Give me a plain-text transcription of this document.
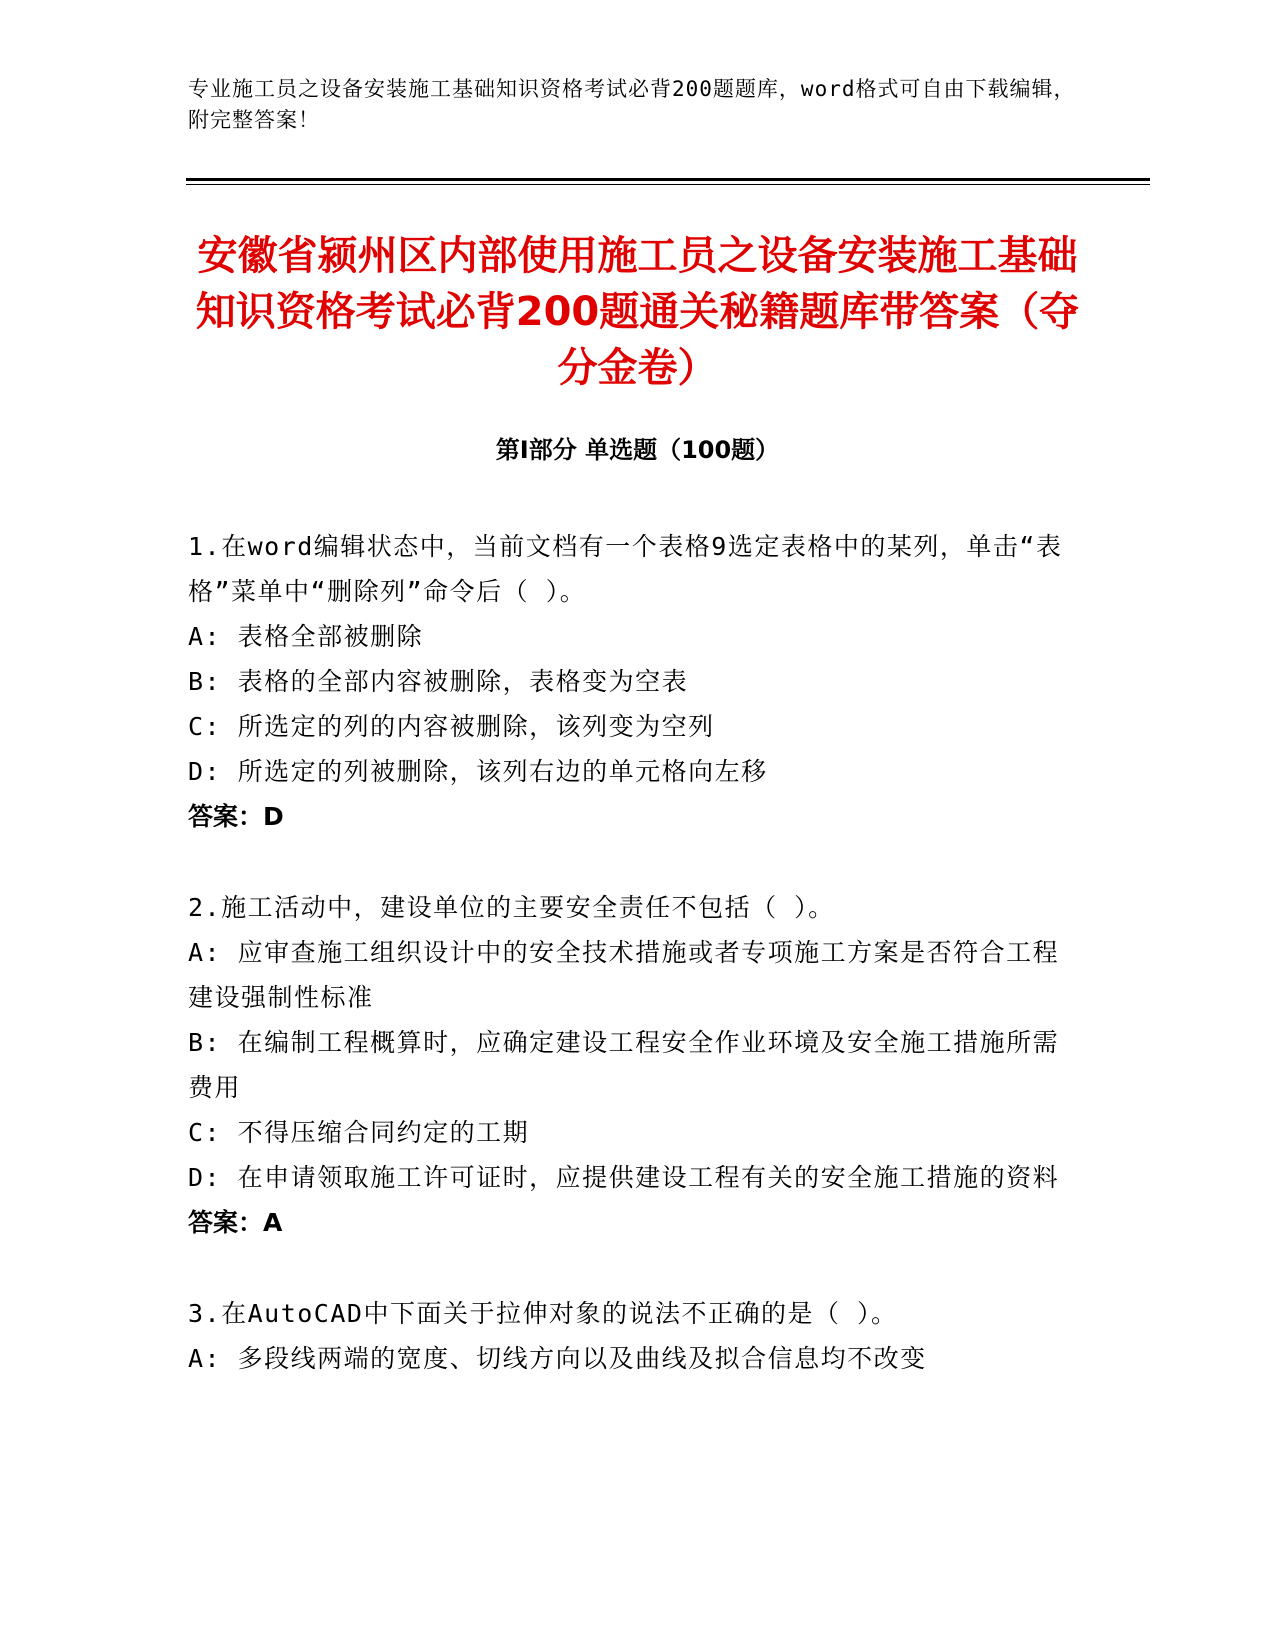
专业施工员之设备安装施工基础知识资格考试必背200题题库，word格式可自由下载编辑，附完整答案！
安徽省颍州区内部使用施工员之设备安装施工基础知识资格考试必背200题通关秘籍题库带答案（夺分金卷）
第I部分 单选题（100题）
1.在word编辑状态中，当前文档有一个表格9选定表格中的某列，单击“表格”菜单中“删除列”命令后（ ）。
A: 表格全部被删除
B: 表格的全部内容被删除，表格变为空表
C: 所选定的列的内容被删除，该列变为空列
D: 所选定的列被删除，该列右边的单元格向左移
答案：D
2.施工活动中，建设单位的主要安全责任不包括（ ）。
A: 应审查施工组织设计中的安全技术措施或者专项施工方案是否符合工程建设强制性标准
B: 在编制工程概算时，应确定建设工程安全作业环境及安全施工措施所需费用
C: 不得压缩合同约定的工期
D: 在申请领取施工许可证时，应提供建设工程有关的安全施工措施的资料
答案：A
3.在AutoCAD中下面关于拉伸对象的说法不正确的是（ ）。
A: 多段线两端的宽度、切线方向以及曲线及拟合信息均不改变
